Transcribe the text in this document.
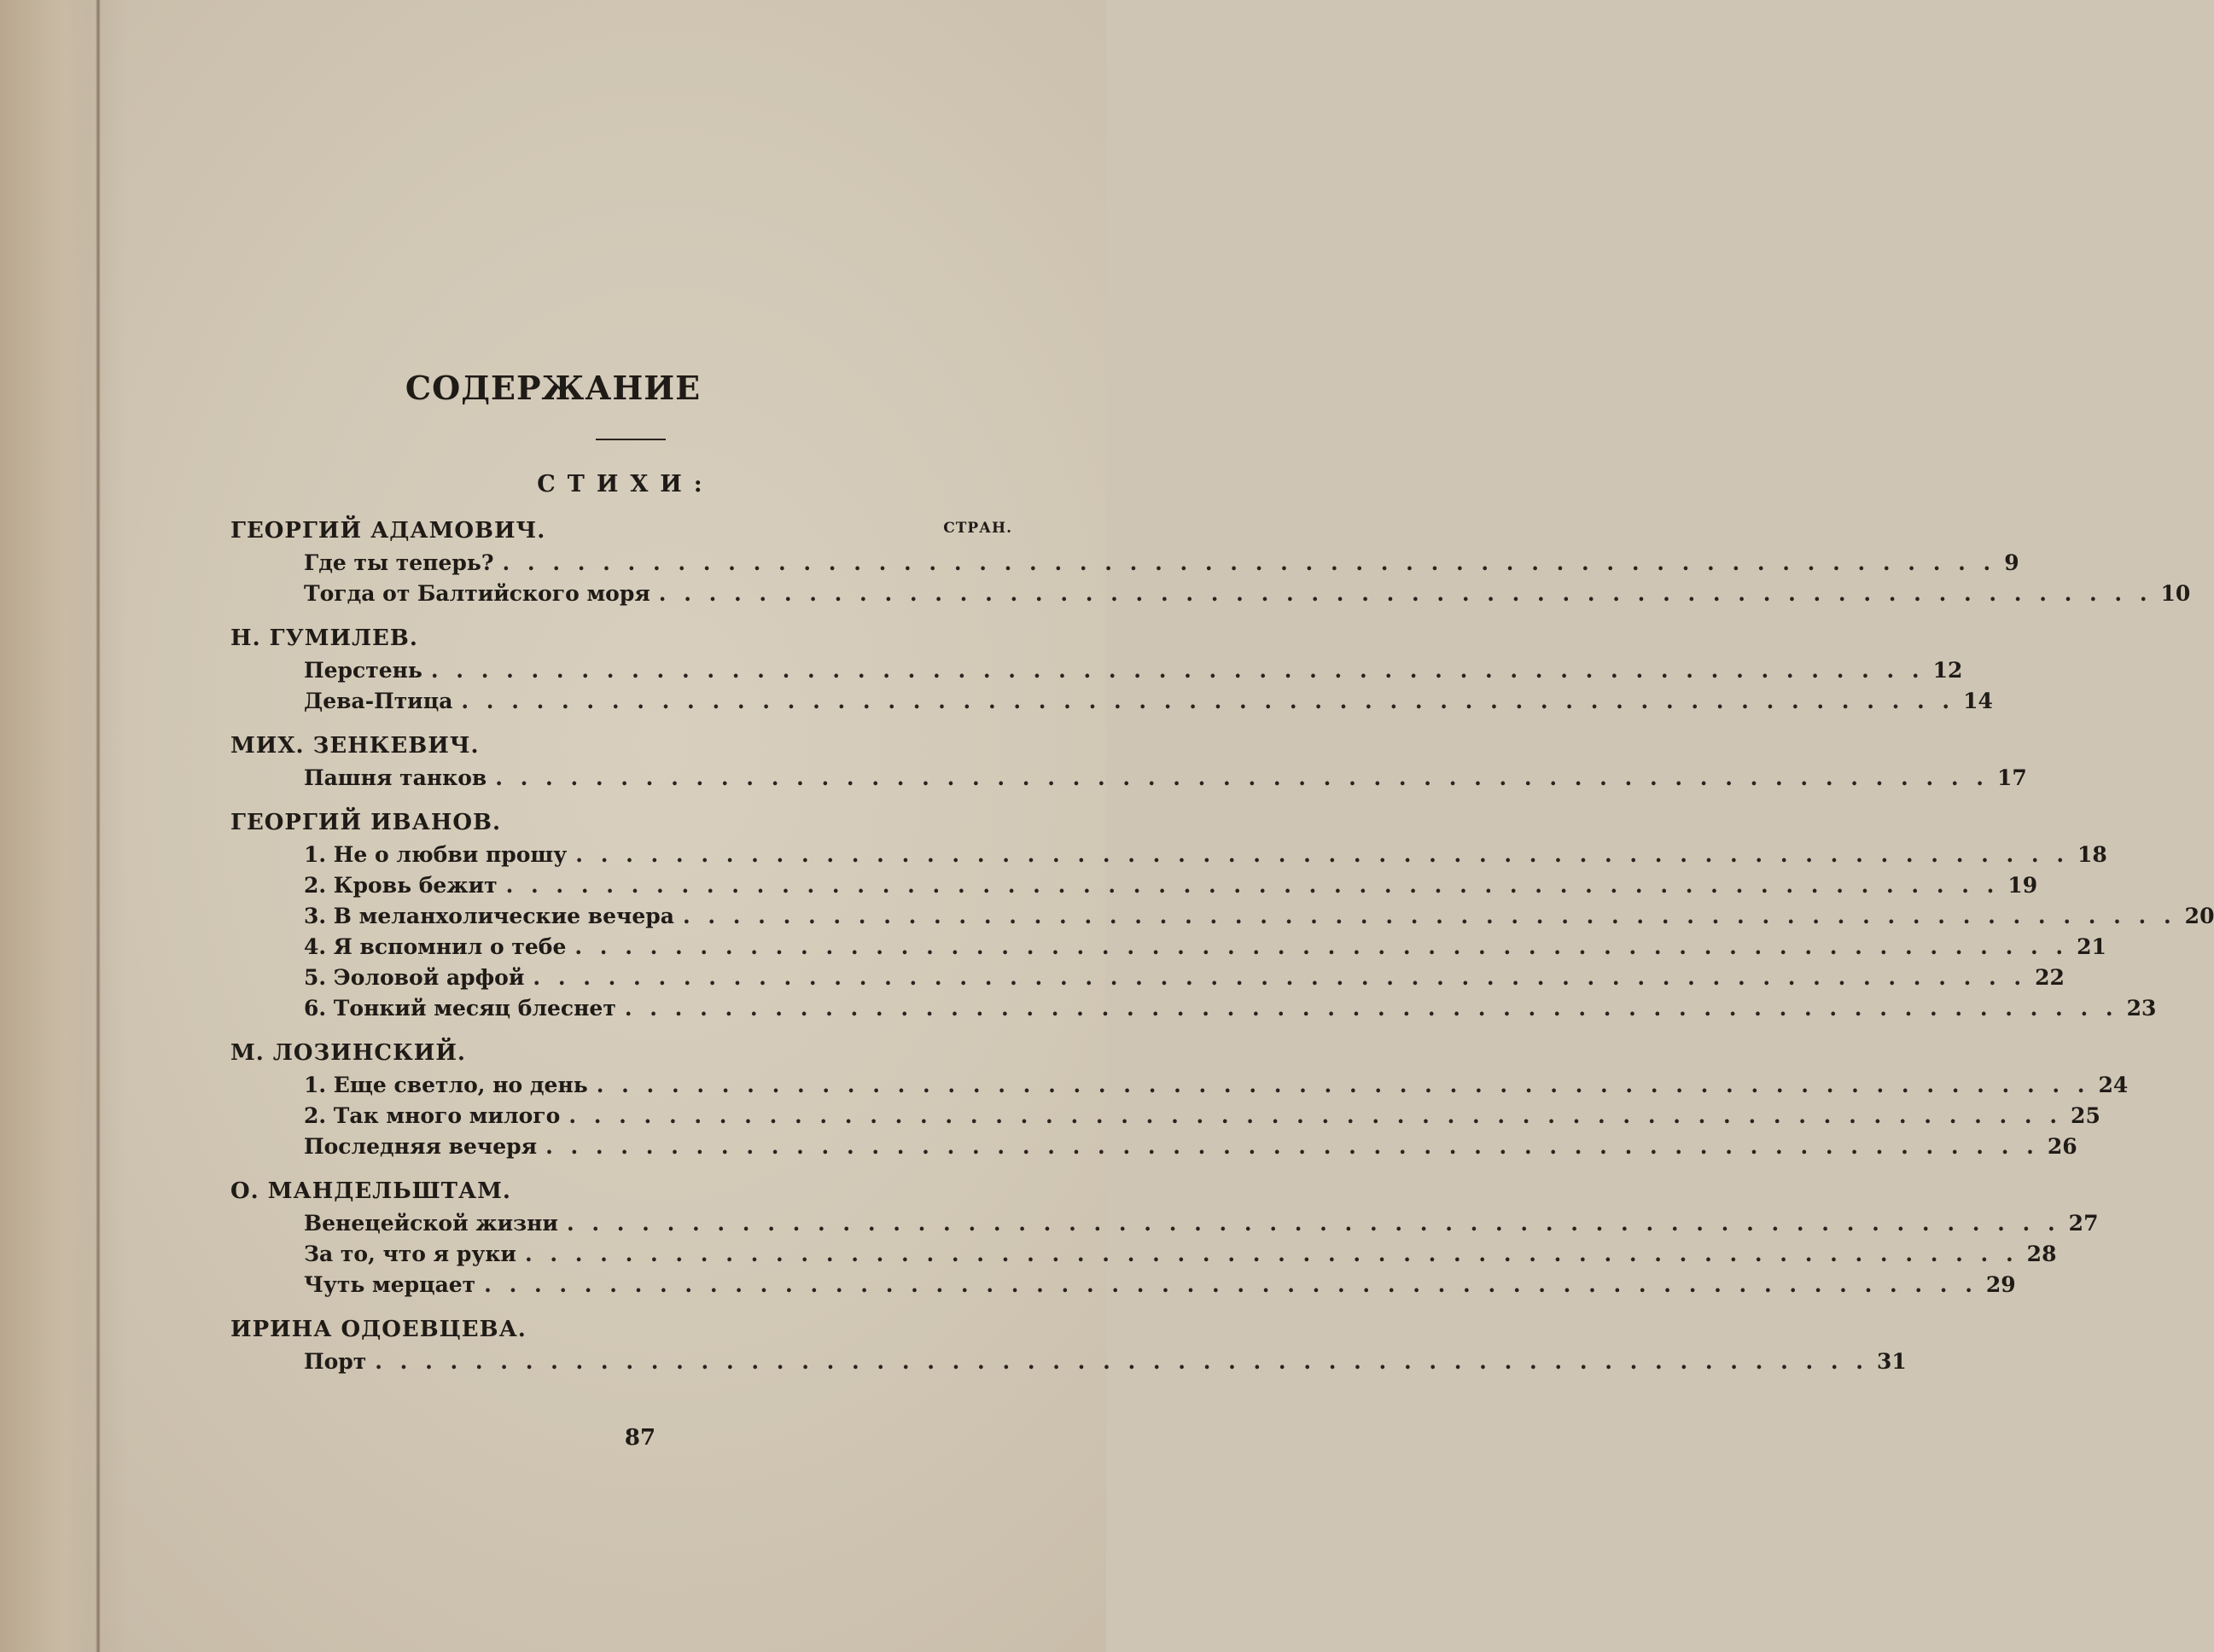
СОДЕРЖАНИЕ
СТИХИ:
СТРАН.
ГЕОРГИЙ АДАМОВИЧ.
Где ты теперь? . . . . . . . . . . . . . . . . . . . . . . . . . . . . . . . . . . . . . . . . . . . . . . . . . . . . . . . . . . . . 9
Тогда от Балтийского моря . . . . . . . . . . . . . . . . . . . . . . . . . . . . . . . . . . . . . . . . . . . . . . . . . . . . . . . . . . . . 10
Н. ГУМИЛЕВ.
Перстень . . . . . . . . . . . . . . . . . . . . . . . . . . . . . . . . . . . . . . . . . . . . . . . . . . . . . . . . . . . . 12
Дева-Птица . . . . . . . . . . . . . . . . . . . . . . . . . . . . . . . . . . . . . . . . . . . . . . . . . . . . . . . . . . . . 14
МИХ. ЗЕНКЕВИЧ.
Пашня танков . . . . . . . . . . . . . . . . . . . . . . . . . . . . . . . . . . . . . . . . . . . . . . . . . . . . . . . . . . . . 17
ГЕОРГИЙ ИВАНОВ.
1. Не о любви прошу . . . . . . . . . . . . . . . . . . . . . . . . . . . . . . . . . . . . . . . . . . . . . . . . . . . . . . . . . . . . 18
2. Кровь бежит . . . . . . . . . . . . . . . . . . . . . . . . . . . . . . . . . . . . . . . . . . . . . . . . . . . . . . . . . . . . 19
3. В меланхолические вечера . . . . . . . . . . . . . . . . . . . . . . . . . . . . . . . . . . . . . . . . . . . . . . . . . . . . . . . . . . . . 20
4. Я вспомнил о тебе . . . . . . . . . . . . . . . . . . . . . . . . . . . . . . . . . . . . . . . . . . . . . . . . . . . . . . . . . . . . 21
5. Эоловой арфой . . . . . . . . . . . . . . . . . . . . . . . . . . . . . . . . . . . . . . . . . . . . . . . . . . . . . . . . . . . . 22
6. Тонкий месяц блеснет . . . . . . . . . . . . . . . . . . . . . . . . . . . . . . . . . . . . . . . . . . . . . . . . . . . . . . . . . . . . 23
М. ЛОЗИНСКИЙ.
1. Еще светло, но день . . . . . . . . . . . . . . . . . . . . . . . . . . . . . . . . . . . . . . . . . . . . . . . . . . . . . . . . . . . . 24
2. Так много милого . . . . . . . . . . . . . . . . . . . . . . . . . . . . . . . . . . . . . . . . . . . . . . . . . . . . . . . . . . . . 25
Последняя вечеря . . . . . . . . . . . . . . . . . . . . . . . . . . . . . . . . . . . . . . . . . . . . . . . . . . . . . . . . . . . . 26
О. МАНДЕЛЬШТАМ.
Венецейской жизни . . . . . . . . . . . . . . . . . . . . . . . . . . . . . . . . . . . . . . . . . . . . . . . . . . . . . . . . . . . . 27
За то, что я руки . . . . . . . . . . . . . . . . . . . . . . . . . . . . . . . . . . . . . . . . . . . . . . . . . . . . . . . . . . . . 28
Чуть мерцает . . . . . . . . . . . . . . . . . . . . . . . . . . . . . . . . . . . . . . . . . . . . . . . . . . . . . . . . . . . . 29
ИРИНА ОДОЕВЦЕВА.
Порт . . . . . . . . . . . . . . . . . . . . . . . . . . . . . . . . . . . . . . . . . . . . . . . . . . . . . . . . . . . . 31
87
